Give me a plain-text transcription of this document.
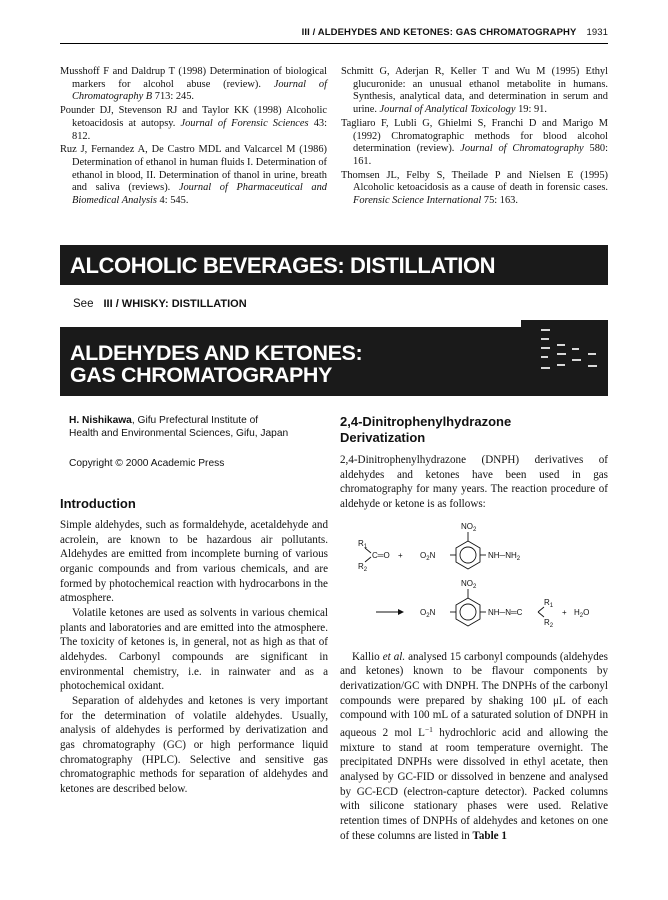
III / ALDEHYDES AND KETONES: GAS CHROMATOGRAPHY 1931

Musshoff F and Daldrup T (1998) Determination of biological markers for alcohol abuse (review). Journal of Chromatography B 713: 245.

Pounder DJ, Stevenson RJ and Taylor KK (1998) Alcoholic ketoacidosis at autopsy. Journal of Forensic Sciences 43: 812.

Ruz J, Fernandez A, De Castro MDL and Valcarcel M (1986) Determination of ethanol in human fluids I. Determination of ethanol in blood, II. Determination of thanol in urine, breath and saliva (reviews). Journal of Pharmaceutical and Biomedical Analysis 4: 545.

Schmitt G, Aderjan R, Keller T and Wu M (1995) Ethyl glucuronide: an unusual ethanol metabolite in humans. Synthesis, analytical data, and determination in serum and urine. Journal of Analytical Toxicology 19: 91.

Tagliaro F, Lubli G, Ghielmi S, Franchi D and Marigo M (1992) Chromatographic methods for blood alcohol determination (review). Journal of Chromatography 580: 161.

Thomsen JL, Felby S, Theilade P and Nielsen E (1995) Alcoholic ketoacidosis as a cause of death in forensic cases. Forensic Science International 75: 163.

ALCOHOLIC BEVERAGES: DISTILLATION
See III / WHISKY: DISTILLATION
ALDEHYDES AND KETONES:
GAS CHROMATOGRAPHY

H. Nishikawa, Gifu Prefectural Institute of
Health and Environmental Sciences, Gifu, Japan

Copyright © 2000 Academic Press

Introduction

Simple aldehydes, such as formaldehyde, acetaldehyde and acrolein, are known to be hazardous air pollutants. Aldehydes are emitted from incomplete burning of various organic compounds and from various chemicals, and are formed by photochemical reaction with hydrocarbons in the atmosphere.

Volatile ketones are used as solvents in various chemical plants and laboratories and are emitted into the atmosphere. The toxicity of ketones is, in general, not as high as that of aldehydes. Carbonyl compounds are significant in environmental chemistry, i.e. in rainwater and as a photochemical oxidant.

Separation of aldehydes and ketones is very important for the determination of volatile aldehydes. Usually, analysis of aldehydes is performed by derivatization and gas chromatography (GC) or high performance liquid chromatography (HPLC). Selective and sensitive gas chromatographic methods for separation of aldehydes and ketones are described below.

2,4-Dinitrophenylhydrazone
Derivatization

2,4-Dinitrophenylhydrazone (DNPH) derivatives of aldehydes and ketones have been used in gas chromatography for many years. The reaction procedure of aldehyde or ketone is as follows:

$NO_2$
$R_1$
$R_2$
C═O + $O_2N$	$NH─NH_2$
$NO_2$
$O_2N$	NH─N═C
$R_1$
$R_2$
+ $H_2O$

Kallio et al. analysed 15 carbonyl compounds (aldehydes and ketones) known to be flavour components by derivatization/GC with DNPH. The DNPHs of the carbonyl compounds were prepared by shaking 100 μL of each compound with 100 mL of a saturated solution of DNPH in aqueous 2 mol $L^{-1}$ hydrochloric acid and allowing the mixture to stand at room temperature overnight. The precipitated DNPHs were dissolved in ethyl acetate, then analysed by GC-FID or dissolved in benzene and analysed by GC-ECD (electron-capture detector). Packed columns with silicone stationary phases were used. Relative retention times of DNPHs of aldehydes and ketones on one of these columns are listed in Table 1
